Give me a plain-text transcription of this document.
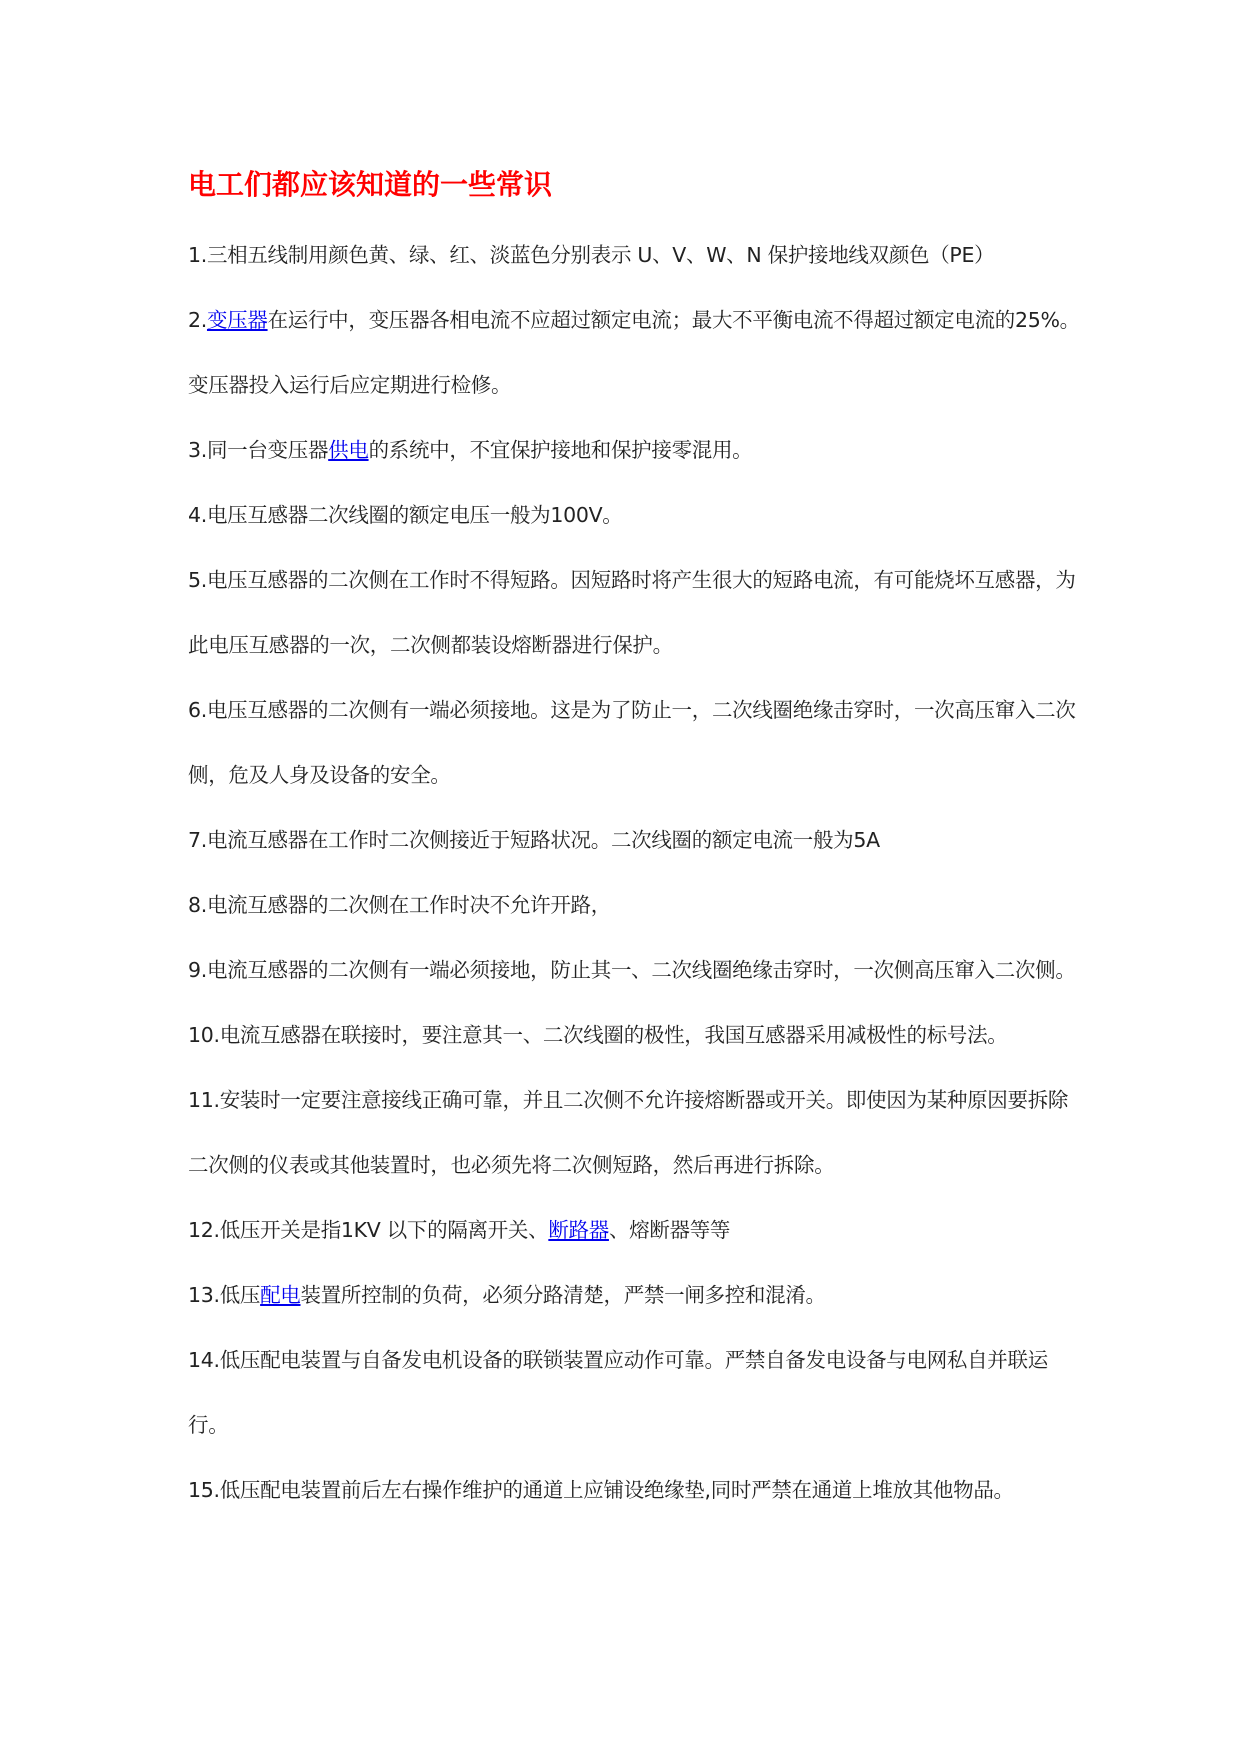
电工们都应该知道的一些常识

1.三相五线制用颜色黄、绿、红、淡蓝色分别表示 U、V、W、N 保护接地线双颜色（PE）

2.变压器在运行中，变压器各相电流不应超过额定电流；最大不平衡电流不得超过额定电流的25%。变压器投入运行后应定期进行检修。

3.同一台变压器供电的系统中，不宜保护接地和保护接零混用。

4.电压互感器二次线圈的额定电压一般为100V。

5.电压互感器的二次侧在工作时不得短路。因短路时将产生很大的短路电流，有可能烧坏互感器，为此电压互感器的一次，二次侧都装设熔断器进行保护。

6.电压互感器的二次侧有一端必须接地。这是为了防止一，二次线圈绝缘击穿时，一次高压窜入二次侧，危及人身及设备的安全。

7.电流互感器在工作时二次侧接近于短路状况。二次线圈的额定电流一般为5A

8.电流互感器的二次侧在工作时决不允许开路，

9.电流互感器的二次侧有一端必须接地，防止其一、二次线圈绝缘击穿时，一次侧高压窜入二次侧。

10.电流互感器在联接时，要注意其一、二次线圈的极性，我国互感器采用减极性的标号法。

11.安装时一定要注意接线正确可靠，并且二次侧不允许接熔断器或开关。即使因为某种原因要拆除二次侧的仪表或其他装置时，也必须先将二次侧短路，然后再进行拆除。

12.低压开关是指1KV 以下的隔离开关、断路器、熔断器等等

13.低压配电装置所控制的负荷，必须分路清楚，严禁一闸多控和混淆。

14.低压配电装置与自备发电机设备的联锁装置应动作可靠。严禁自备发电设备与电网私自并联运行。

15.低压配电装置前后左右操作维护的通道上应铺设绝缘垫,同时严禁在通道上堆放其他物品。
